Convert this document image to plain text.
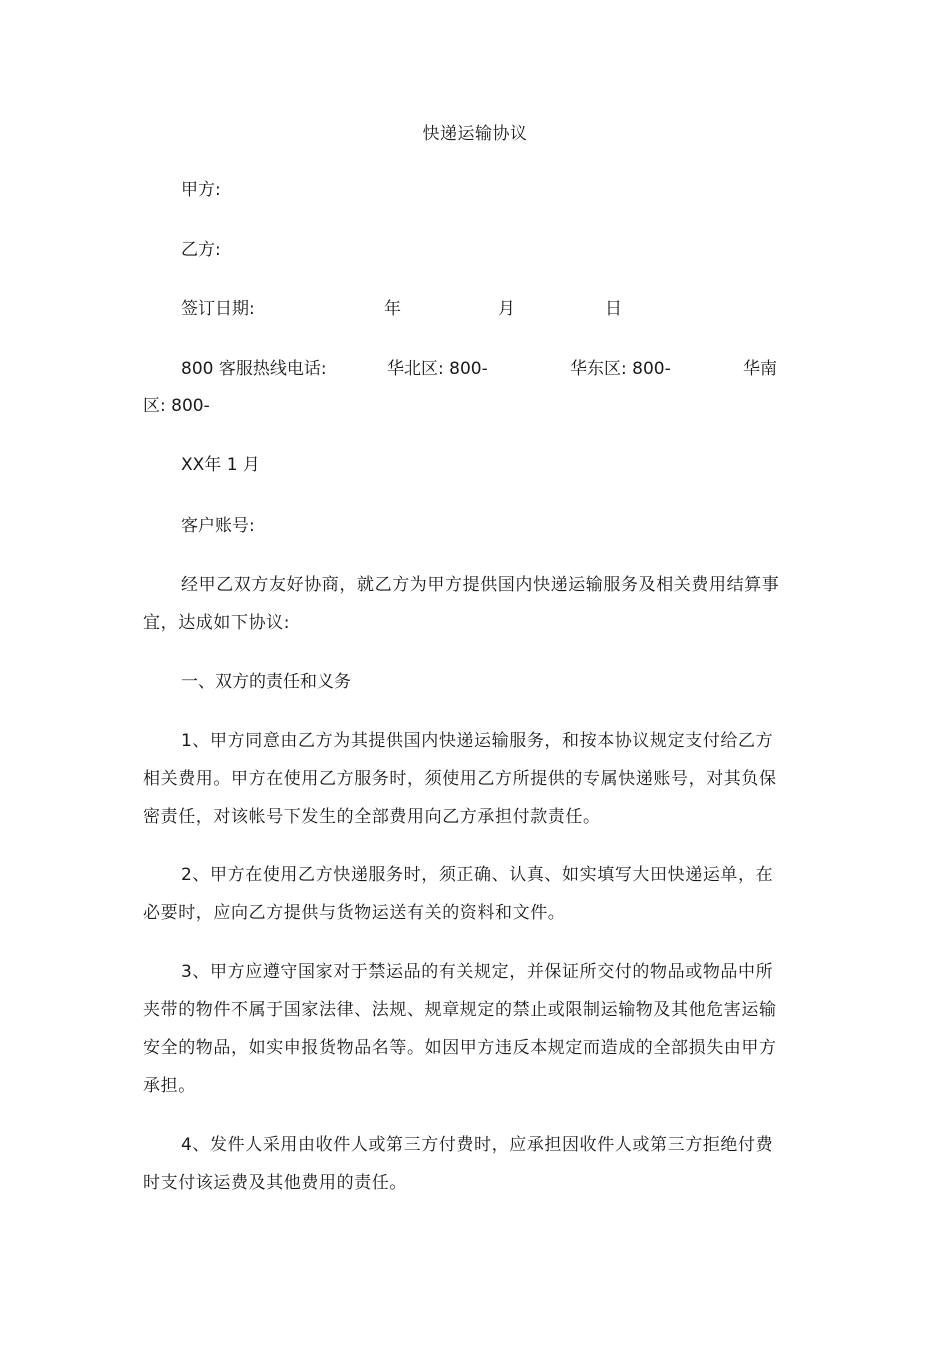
快递运输协议
甲方:
乙方:
签订日期:	年	月	日
800 客服热线电话:	华北区: 800-	华东区: 800-	华南
区: 800-
XX年 1 月
客户账号:
经甲乙双方友好协商，就乙方为甲方提供国内快递运输服务及相关费用结算事宜，达成如下协议:
一、双方的责任和义务
1、甲方同意由乙方为其提供国内快递运输服务，和按本协议规定支付给乙方相关费用。甲方在使用乙方服务时，须使用乙方所提供的专属快递账号，对其负保密责任，对该帐号下发生的全部费用向乙方承担付款责任。
2、甲方在使用乙方快递服务时，须正确、认真、如实填写大田快递运单，在必要时，应向乙方提供与货物运送有关的资料和文件。
3、甲方应遵守国家对于禁运品的有关规定，并保证所交付的物品或物品中所夹带的物件不属于国家法律、法规、规章规定的禁止或限制运输物及其他危害运输安全的物品，如实申报货物品名等。如因甲方违反本规定而造成的全部损失由甲方承担。
4、发件人采用由收件人或第三方付费时，应承担因收件人或第三方拒绝付费时支付该运费及其他费用的责任。
